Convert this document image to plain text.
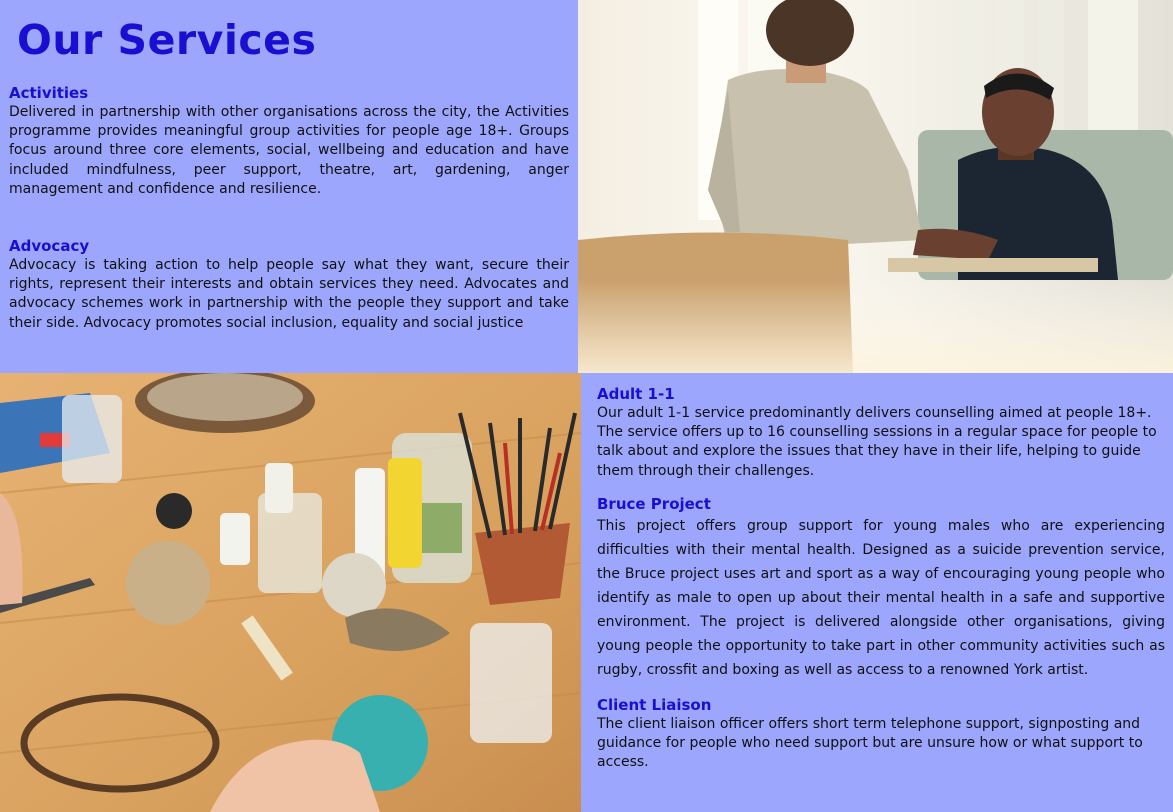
Our Services
Activities

Delivered in partnership with other organisations across the city, the Activities programme provides meaningful group activities for people age 18+. Groups focus around three core elements, social, wellbeing and education and have included mindfulness, peer support, theatre, art, gardening, anger management and confidence and resilience.

Advocacy

Advocacy is taking action to help people say what they want, secure their rights, represent their interests and obtain services they need. Advocates and advocacy schemes work in partnership with the people they support and take their side. Advocacy promotes social inclusion, equality and social justice

Adult 1-1

Our adult 1-1 service predominantly delivers counselling aimed at people 18+. The service offers up to 16 counselling sessions in a regular space for people to talk about and explore the issues that they have in their life, helping to guide them through their challenges.

Bruce Project

This project offers group support for young males who are experiencing difficulties with their mental health. Designed as a suicide prevention service, the Bruce project uses art and sport as a way of encouraging young people who identify as male to open up about their mental health in a safe and supportive environment. The project is delivered alongside other organisations, giving young people the opportunity to take part in other community activities such as rugby, crossfit and boxing as well as access to a renowned York artist.

Client Liaison

The client liaison officer offers short term telephone support, signposting and guidance for people who need support but are unsure how or what support to access.
